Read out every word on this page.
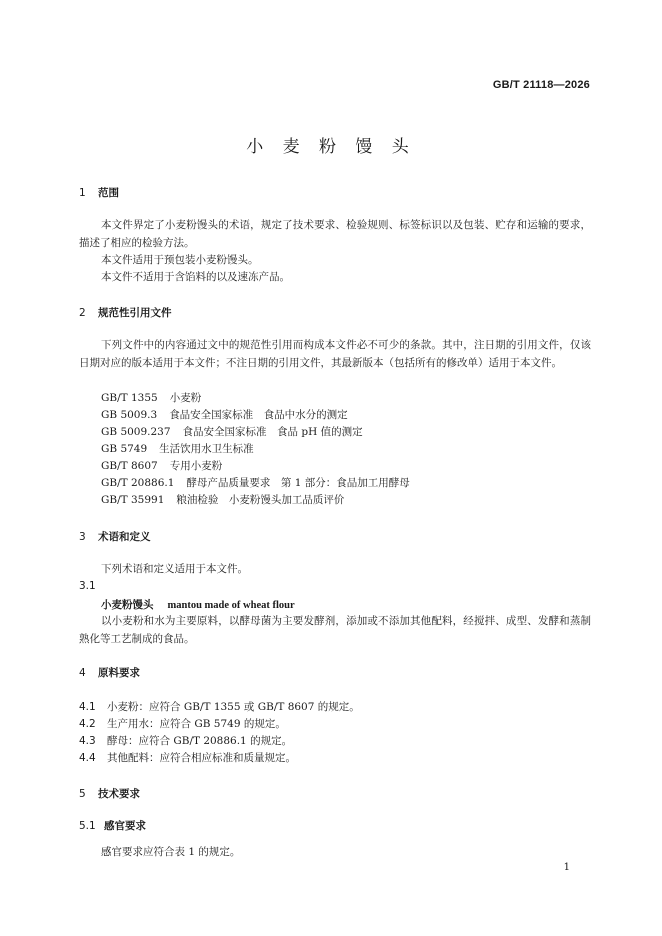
GB/T 21118—2026
小 麦 粉 馒 头
1 范围
本文件界定了小麦粉馒头的术语，规定了技术要求、检验规则、标签标识以及包装、贮存和运输的要求，描述了相应的检验方法。
本文件适用于预包装小麦粉馒头。
本文件不适用于含馅料的以及速冻产品。
2 规范性引用文件
下列文件中的内容通过文中的规范性引用而构成本文件必不可少的条款。其中，注日期的引用文件，仅该日期对应的版本适用于本文件；不注日期的引用文件，其最新版本（包括所有的修改单）适用于本文件。
GB/T 1355 小麦粉
GB 5009.3 食品安全国家标准　食品中水分的测定
GB 5009.237 食品安全国家标准　食品 pH 值的测定
GB 5749 生活饮用水卫生标准
GB/T 8607 专用小麦粉
GB/T 20886.1 酵母产品质量要求　第 1 部分：食品加工用酵母
GB/T 35991 粮油检验　小麦粉馒头加工品质评价
3 术语和定义
下列术语和定义适用于本文件。
3.1
小麦粉馒头 mantou made of wheat flour
以小麦粉和水为主要原料，以酵母菌为主要发酵剂，添加或不添加其他配料，经搅拌、成型、发酵和蒸制熟化等工艺制成的食品。
4 原料要求
4.1 小麦粉：应符合 GB/T 1355 或 GB/T 8607 的规定。
4.2 生产用水：应符合 GB 5749 的规定。
4.3 酵母：应符合 GB/T 20886.1 的规定。
4.4 其他配料：应符合相应标准和质量规定。
5 技术要求
5.1 感官要求
感官要求应符合表 1 的规定。
1
